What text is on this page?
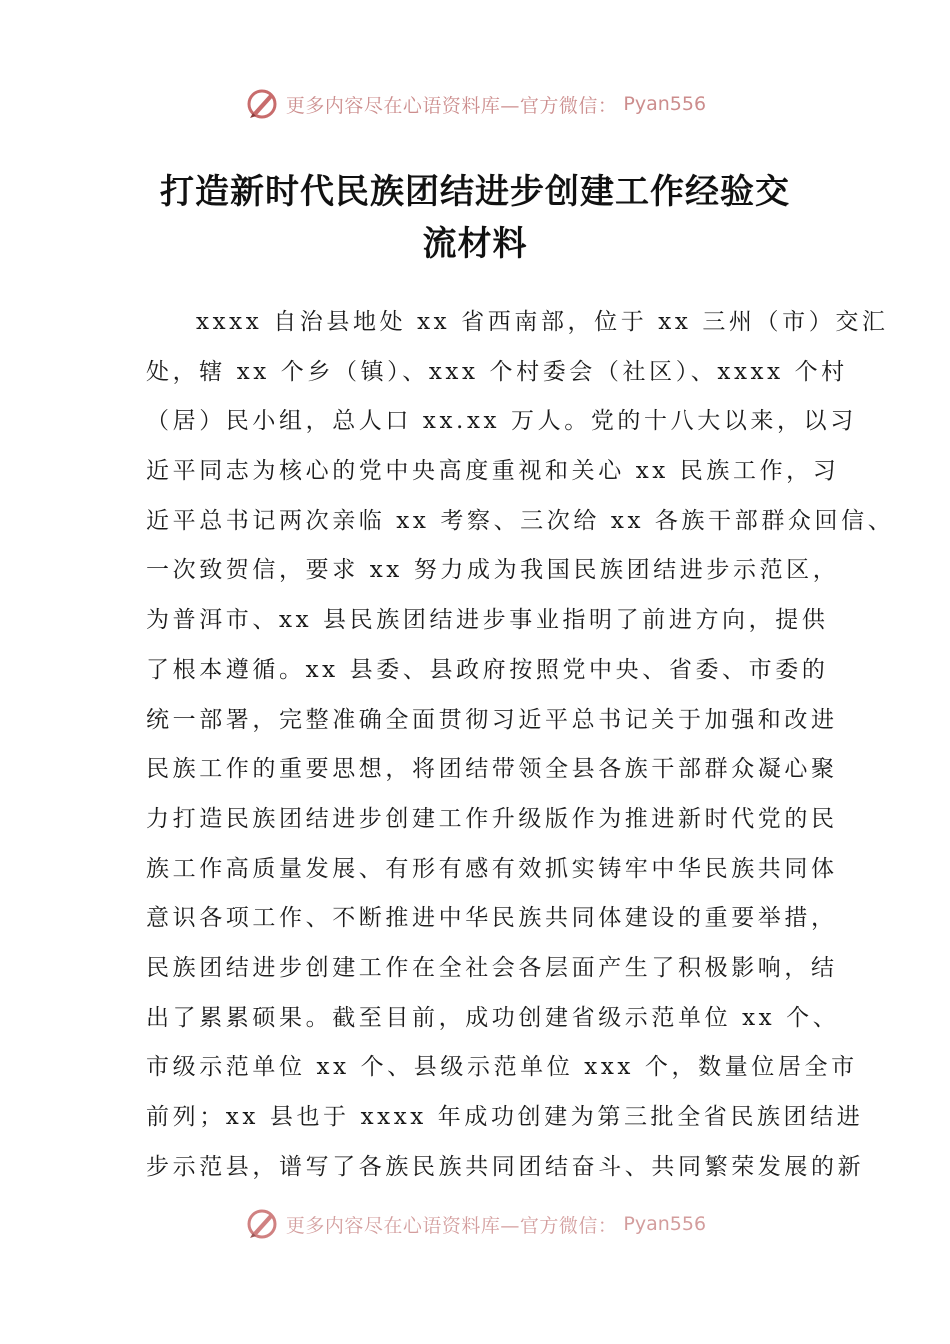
更多内容尽在心语资料库—官方微信： Pyan556
打造新时代民族团结进步创建工作经验交
流材料
xxxx 自治县地处 xx 省西南部，位于 xx 三州（市）交汇
处，辖 xx 个乡（镇）、xxx 个村委会（社区）、xxxx 个村
（居）民小组，总人口 xx.xx 万人。党的十八大以来，以习
近平同志为核心的党中央高度重视和关心 xx 民族工作，习
近平总书记两次亲临 xx 考察、三次给 xx 各族干部群众回信、
一次致贺信，要求 xx 努力成为我国民族团结进步示范区，
为普洱市、xx 县民族团结进步事业指明了前进方向，提供
了根本遵循。xx 县委、县政府按照党中央、省委、市委的
统一部署，完整准确全面贯彻习近平总书记关于加强和改进
民族工作的重要思想，将团结带领全县各族干部群众凝心聚
力打造民族团结进步创建工作升级版作为推进新时代党的民
族工作高质量发展、有形有感有效抓实铸牢中华民族共同体
意识各项工作、不断推进中华民族共同体建设的重要举措，
民族团结进步创建工作在全社会各层面产生了积极影响，结
出了累累硕果。截至目前，成功创建省级示范单位 xx 个、
市级示范单位 xx 个、县级示范单位 xxx 个，数量位居全市
前列；xx 县也于 xxxx 年成功创建为第三批全省民族团结进
步示范县，谱写了各族民族共同团结奋斗、共同繁荣发展的新
更多内容尽在心语资料库—官方微信： Pyan556
